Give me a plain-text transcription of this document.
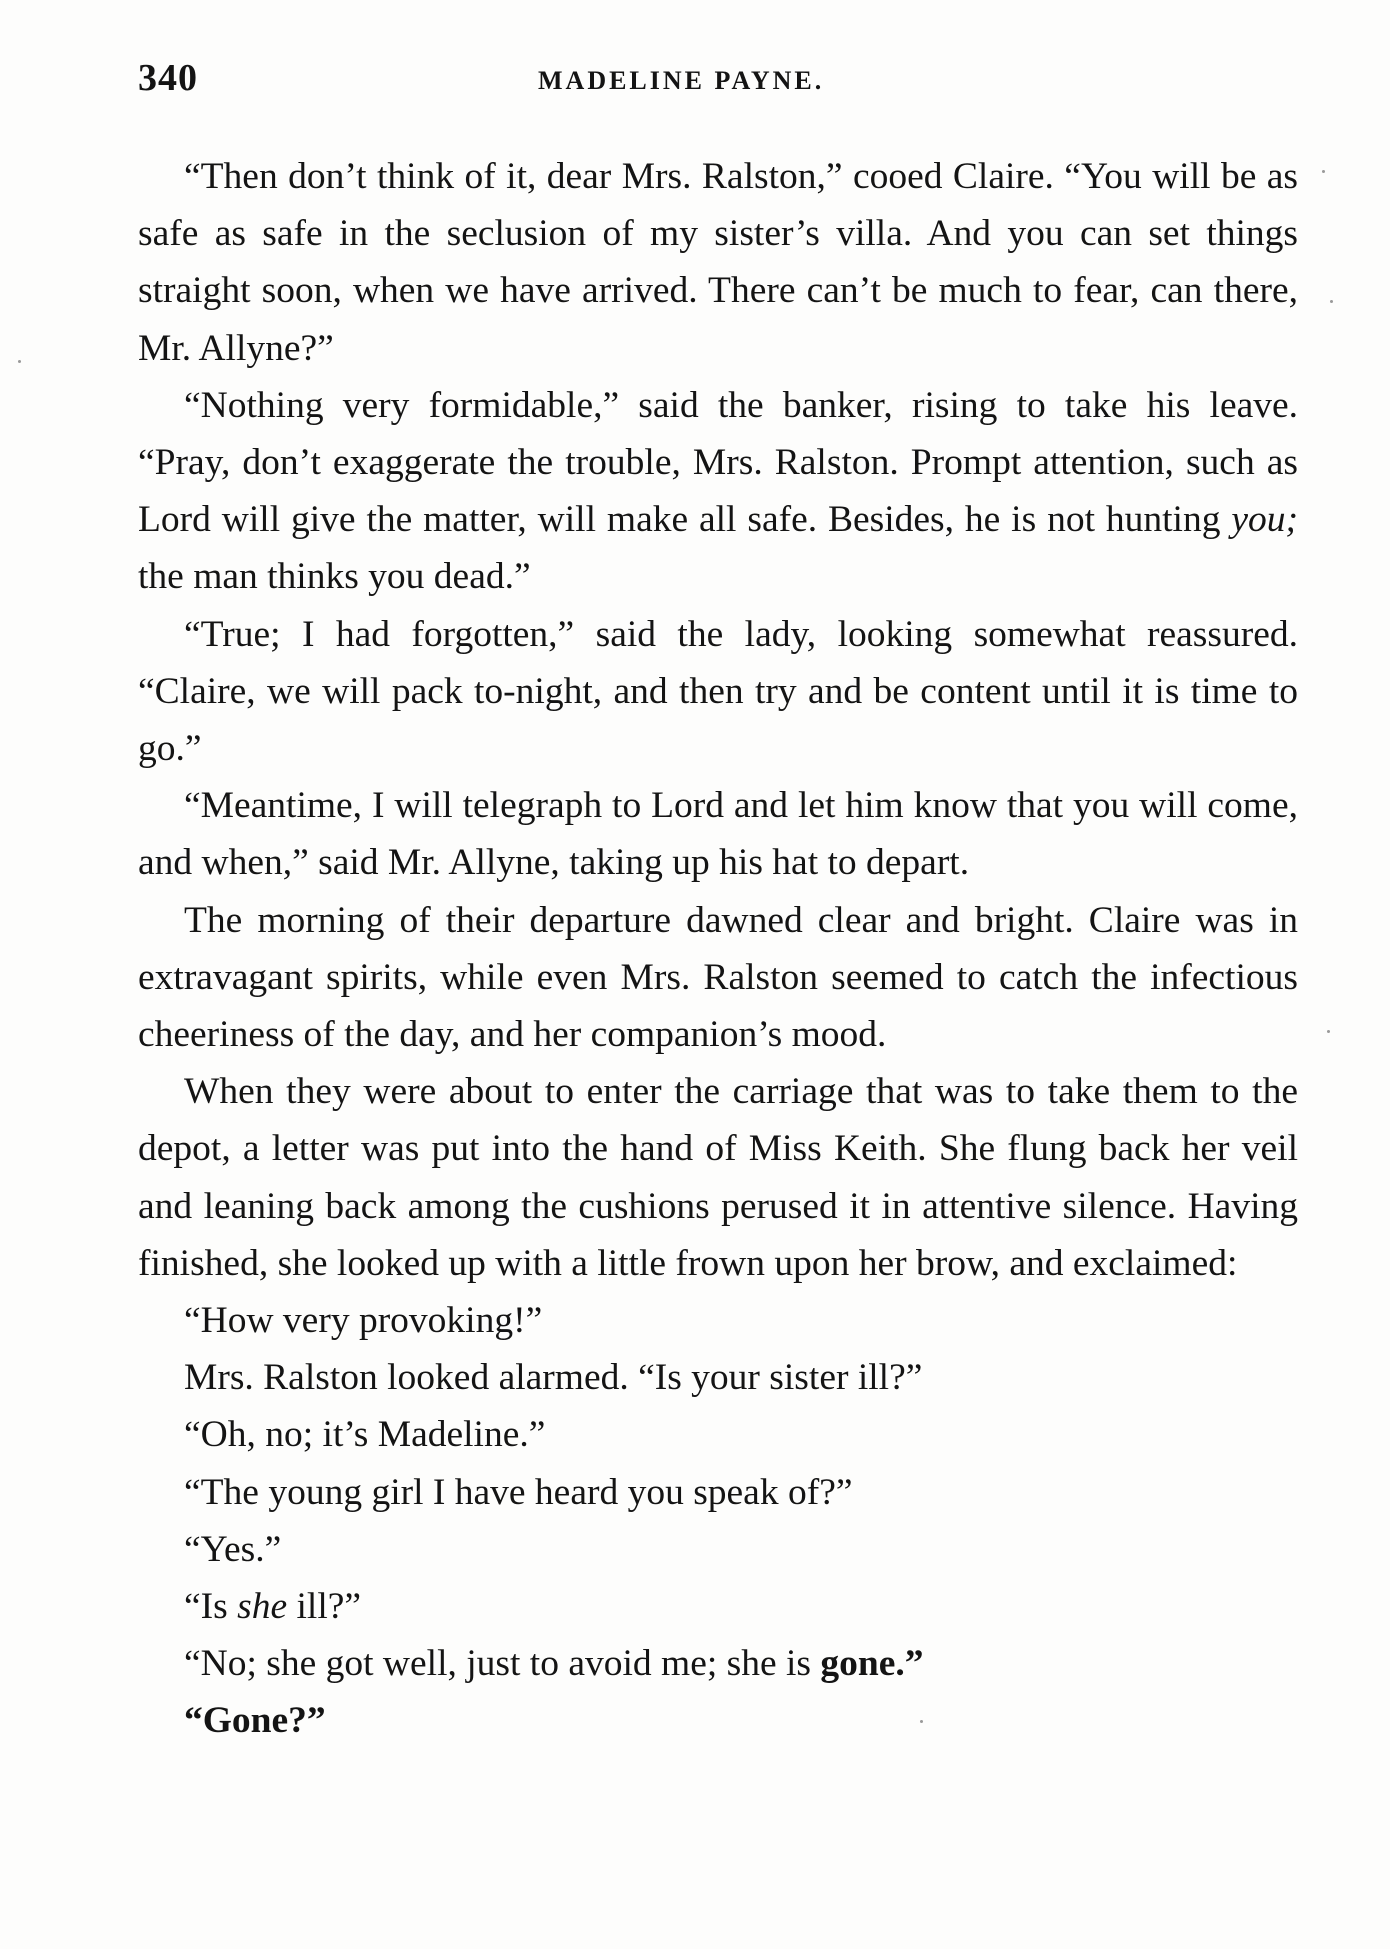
340	MADELINE PAYNE.

“Then don’t think of it, dear Mrs. Ralston,” cooed Claire. “You will be as safe as safe in the seclusion of my sister’s villa. And you can set things straight soon, when we have arrived. There can’t be much to fear, can there, Mr. Allyne?”

“Nothing very formidable,” said the banker, rising to take his leave. “Pray, don’t exaggerate the trouble, Mrs. Ralston. Prompt attention, such as Lord will give the matter, will make all safe. Besides, he is not hunting you; the man thinks you dead.”

“True; I had forgotten,” said the lady, looking somewhat reassured. “Claire, we will pack to-night, and then try and be content until it is time to go.”

“Meantime, I will telegraph to Lord and let him know that you will come, and when,” said Mr. Allyne, taking up his hat to depart.

The morning of their departure dawned clear and bright. Claire was in extravagant spirits, while even Mrs. Ralston seemed to catch the infectious cheeriness of the day, and her companion’s mood.

When they were about to enter the carriage that was to take them to the depot, a letter was put into the hand of Miss Keith. She flung back her veil and leaning back among the cushions perused it in attentive silence. Having finished, she looked up with a little frown upon her brow, and exclaimed:

“How very provoking!”

Mrs. Ralston looked alarmed. “Is your sister ill?”

“Oh, no; it’s Madeline.”

“The young girl I have heard you speak of?”

“Yes.”

“Is she ill?”

“No; she got well, just to avoid me; she is gone.”

“Gone?”
